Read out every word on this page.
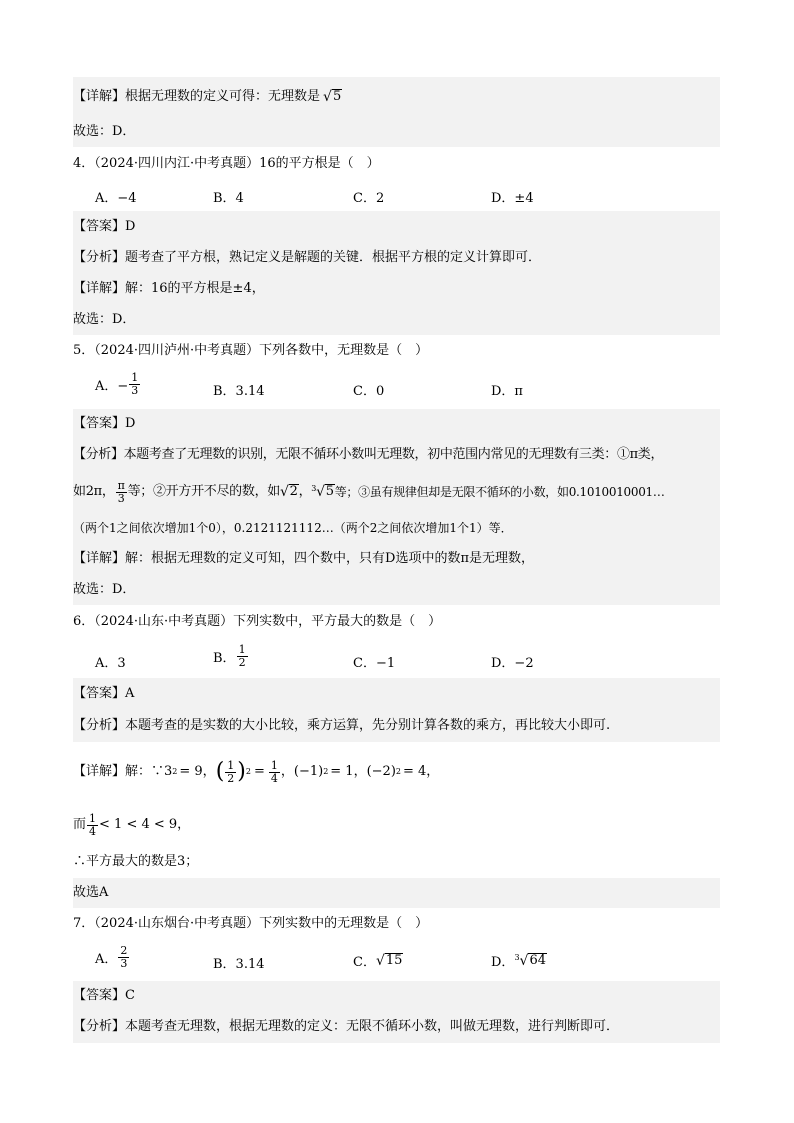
【详解】 根据无理数的定义可得：无理数是 √ 5
故选：D．
4．（2024·四川内江·中考真题）16的平方根是（　）
A．−4	B．4	C．2	D．±4
【答案】 D
【分析】 题考查了平方根，熟记定义是解题的关键．根据平方根的定义计算即可．
【详解】 解：16的平方根是±4，
故选：D．
5．（2024·四川泸州·中考真题）下列各数中，无理数是（　）
A．− $\frac{1}{3}$	B．3.14	C．0	D．π
【答案】 D
【分析】 本题考查了无理数的识别，无限不循环小数叫无理数，初中范围内常见的无理数有三类：①π类，
如2π， $\frac{\pi}{3}$ 等；②开方开不尽的数，如 √ 2 ， 3 √ 5 等；③虽有规律但却是无限不循环的小数，如0.1010010001…
（两个1之间依次增加1个0），0.2121121112…（两个2之间依次增加1个1）等．
【详解】 解：根据无理数的定义可知，四个数中，只有D选项中的数π是无理数，
故选：D．
6．（2024·山东·中考真题）下列实数中，平方最大的数是（　）
A．3	B． $\frac{1}{2}$	C．−1	D．−2
【答案】 A
【分析】 本题考查的是实数的大小比较，乘方运算，先分别计算各数的乘方，再比较大小即可.
【详解】 解：∵3 2 = 9， ( $\frac{1}{2}$ ) $2 = \frac{1}{4}$ ，(−1) 2 = 1，(−2) 2 = 4，
而 $\frac{1}{4} < 1 < 4 < 9$，
∴平方最大的数是3；
故选A
7．（2024·山东烟台·中考真题）下列实数中的无理数是（　）
A． $\frac{2}{3}$	B．3.14	C． √ 15	D． 3 √ 64
【答案】 C
【分析】 本题考查无理数，根据无理数的定义：无限不循环小数，叫做无理数，进行判断即可．
